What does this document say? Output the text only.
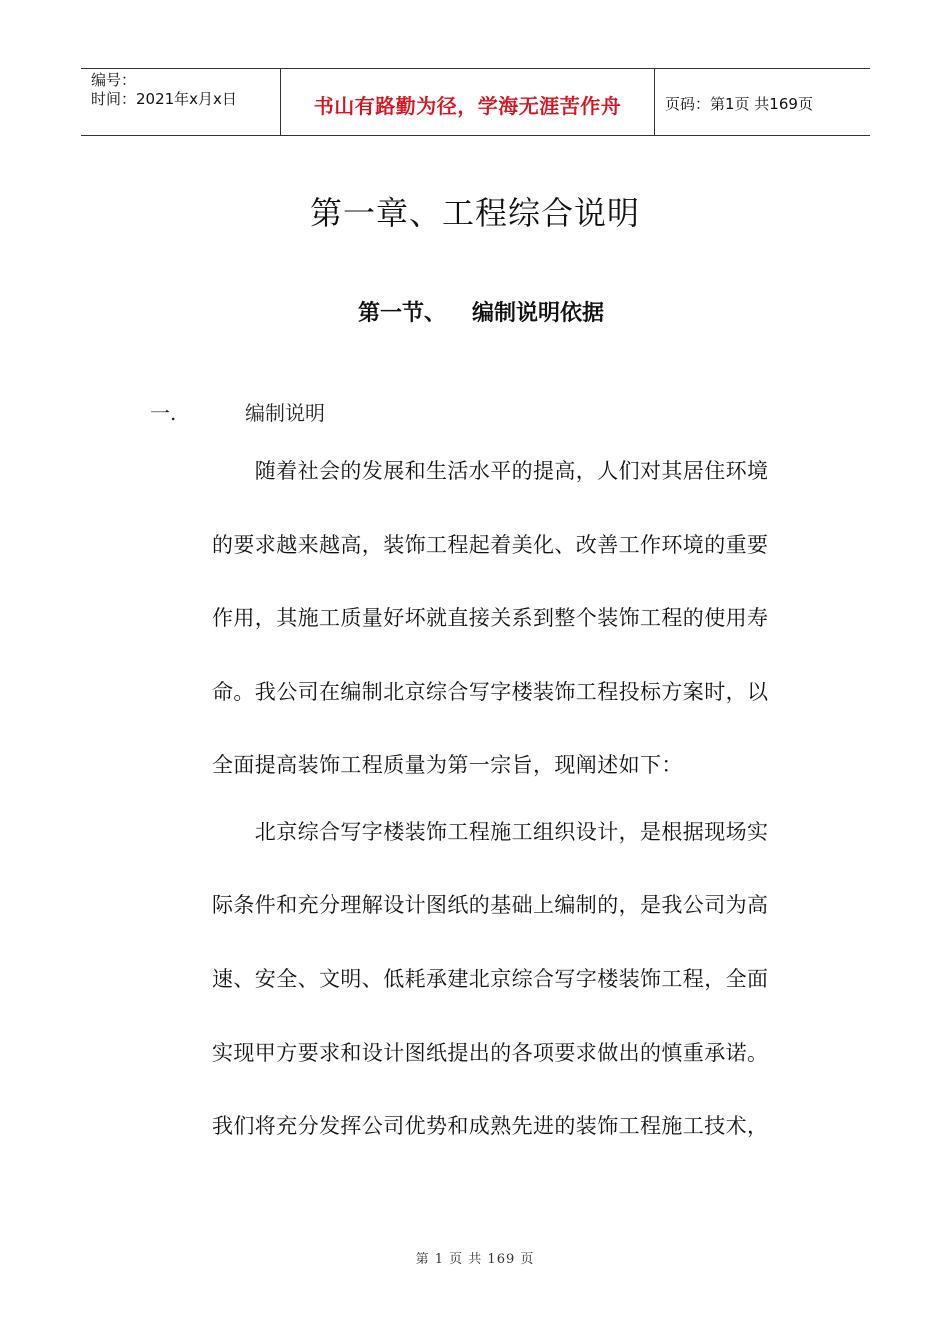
编号：
时间：2021年x月x日	书山有路勤为径，学海无涯苦作舟	页码：第1页 共169页
第一章、工程综合说明
第一节、 编制说明依据
一.	编制说明
　　随着社会的发展和生活水平的提高，人们对其居住环境
的要求越来越高，装饰工程起着美化、改善工作环境的重要
作用，其施工质量好坏就直接关系到整个装饰工程的使用寿
命。我公司在编制北京综合写字楼装饰工程投标方案时，以
全面提高装饰工程质量为第一宗旨，现阐述如下：
　　北京综合写字楼装饰工程施工组织设计，是根据现场实
际条件和充分理解设计图纸的基础上编制的，是我公司为高
速、安全、文明、低耗承建北京综合写字楼装饰工程，全面
实现甲方要求和设计图纸提出的各项要求做出的慎重承诺。
我们将充分发挥公司优势和成熟先进的装饰工程施工技术，
第 1 页 共 169 页
